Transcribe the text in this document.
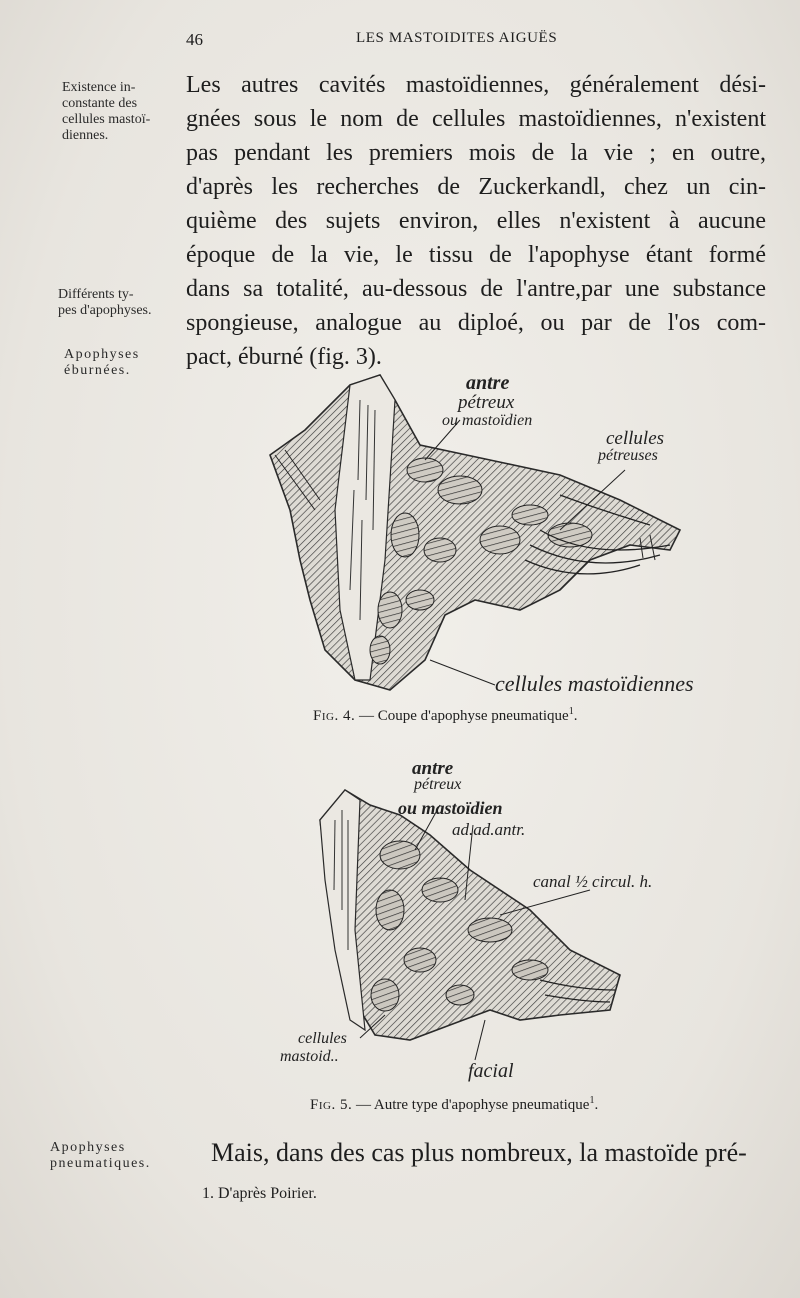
46	LES MASTOIDITES AIGUËS
Existence in-
constante des
cellules mastoï-
diennes.
Différents ty-
pes d'apophyses.
Apophyses
éburnées.
Apophyses
pneumatiques.
Les autres cavités mastoïdiennes, généralement dési-
gnées sous le nom de cellules mastoïdiennes, n'existent
pas pendant les premiers mois de la vie ; en outre,
d'après les recherches de Zuckerkandl, chez un cin-
quième des sujets environ, elles n'existent à aucune
époque de la vie, le tissu de l'apophyse étant formé
dans sa totalité, au-dessous de l'antre,par une substance
spongieuse, analogue au diploé, ou par de l'os com-
pact, éburné (fig. 3).
antre
pétreux
ou mastoïdien
cellules
pétreuses
cellules mastoïdiennes
Fig. 4. — Coupe d'apophyse pneumatique$^1$.
antre
pétreux
ou mastoïdien
ad.ad.antr.
canal ½ circul. h.
cellules
mastoid..
facial
Fig. 5. — Autre type d'apophyse pneumatique$^1$.
Mais, dans des cas plus nombreux, la mastoïde pré-
1. D'après Poirier.
